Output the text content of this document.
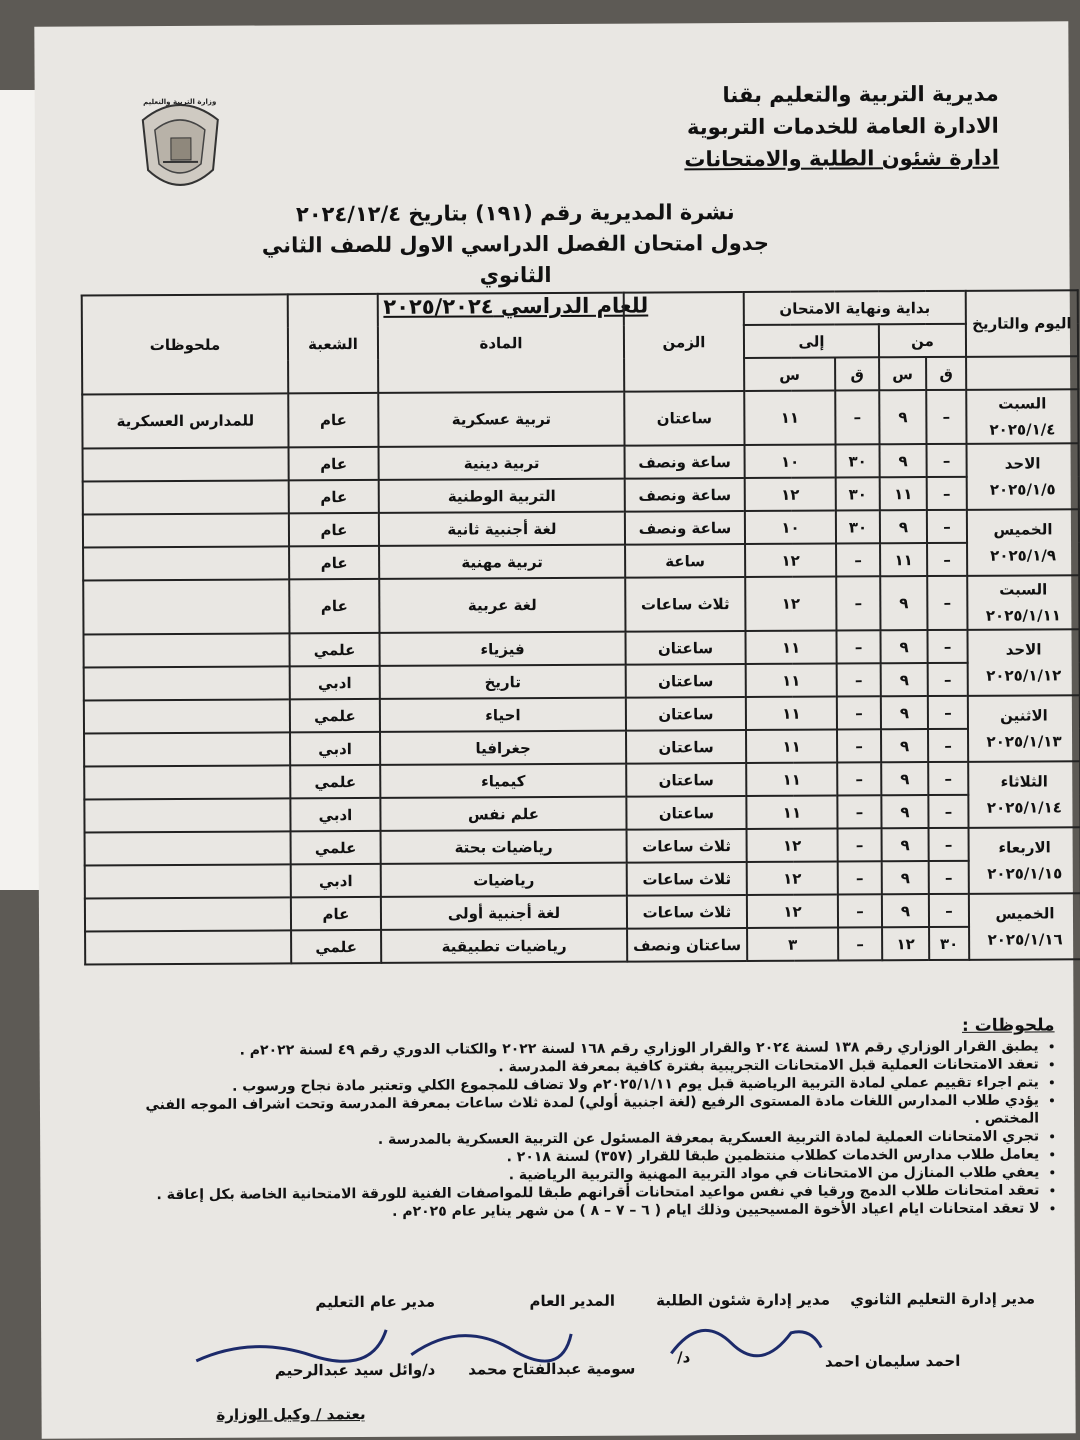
مديرية التربية والتعليم بقنا
الادارة العامة للخدمات التربوية
ادارة شئون الطلبة والامتحانات
وزارة التربية والتعليم
نشرة المديرية رقم (١٩١) بتاريخ ٢٠٢٤/١٢/٤
جدول امتحان الفصل الدراسي الاول للصف الثاني الثانوي
للعام الدراسي ٢٠٢٥/٢٠٢٤
اليوم والتاريخ	بداية ونهاية الامتحان				الزمن	المادة	الشعبة	ملحوظات
	من		إلى					
	ق	س	ق	س				

السبت
٢٠٢٥/١/٤	–	٩	–	١١	ساعتان	تربية عسكرية	عام	للمدارس العسكرية

الاحد
٢٠٢٥/١/٥	–	٩	٣٠	١٠	ساعة ونصف	تربية دينية	عام	
	–	١١	٣٠	١٢	ساعة ونصف	التربية الوطنية	عام	

الخميس
٢٠٢٥/١/٩	–	٩	٣٠	١٠	ساعة ونصف	لغة أجنبية ثانية	عام	
	–	١١	–	١٢	ساعة	تربية مهنية	عام	

السبت
٢٠٢٥/١/١١	–	٩	–	١٢	ثلاث ساعات	لغة عربية	عام	

الاحد
٢٠٢٥/١/١٢	–	٩	–	١١	ساعتان	فيزياء	علمي	
	–	٩	–	١١	ساعتان	تاريخ	ادبي	

الاثنين
٢٠٢٥/١/١٣	–	٩	–	١١	ساعتان	احياء	علمي	
	–	٩	–	١١	ساعتان	جغرافيا	ادبي	

الثلاثاء
٢٠٢٥/١/١٤	–	٩	–	١١	ساعتان	كيمياء	علمي	
	–	٩	–	١١	ساعتان	علم نفس	ادبي	

الاربعاء
٢٠٢٥/١/١٥	–	٩	–	١٢	ثلاث ساعات	رياضيات بحتة	علمي	
	–	٩	–	١٢	ثلاث ساعات	رياضيات	ادبي	

الخميس
٢٠٢٥/١/١٦	–	٩	–	١٢	ثلاث ساعات	لغة أجنبية أولى	عام	
	٣٠	١٢	–	٣	ساعتان ونصف	رياضيات تطبيقية	علمي	
ملحوظات :
• يطبق القرار الوزاري رقم ١٣٨ لسنة ٢٠٢٤ والقرار الوزاري رقم ١٦٨ لسنة ٢٠٢٢ والكتاب الدوري رقم ٤٩ لسنة ٢٠٢٢م .
• تعقد الامتحانات العملية قبل الامتحانات التجريبية بفترة كافية بمعرفة المدرسة .
• يتم اجراء تقييم عملي لمادة التربية الرياضية قبل يوم ٢٠٢٥/١/١١م ولا تضاف للمجموع الكلي وتعتبر مادة نجاح ورسوب .
• يؤدي طلاب المدارس اللغات مادة المستوى الرفيع (لغة اجنبية أولي) لمدة ثلاث ساعات بمعرفة المدرسة وتحت اشراف الموجه الفني المختص .
• تجري الامتحانات العملية لمادة التربية العسكرية بمعرفة المسئول عن التربية العسكرية بالمدرسة .
• يعامل طلاب مدارس الخدمات كطلاب منتظمين طبقا للقرار (٣٥٧) لسنة ٢٠١٨ .
• يعفي طلاب المنازل من الامتحانات في مواد التربية المهنية والتربية الرياضية .
• تعقد امتحانات طلاب الدمج ورقيا في نفس مواعيد امتحانات أقرانهم طبقا للمواصفات الفنية للورقة الامتحانية الخاصة بكل إعاقة .
• لا تعقد امتحانات ايام اعياد الأخوة المسيحيين وذلك ايام ( ٦ – ٧ – ٨ ) من شهر يناير عام ٢٠٢٥م .
مدير إدارة التعليم الثانوي
مدير إدارة شئون الطلبة
المدير العام
مدير عام التعليم
احمد سليمان احمد
د/
سومية عبدالفتاح محمد
د/وائل سيد عبدالرحيم
يعتمد / وكيل الوزارة
